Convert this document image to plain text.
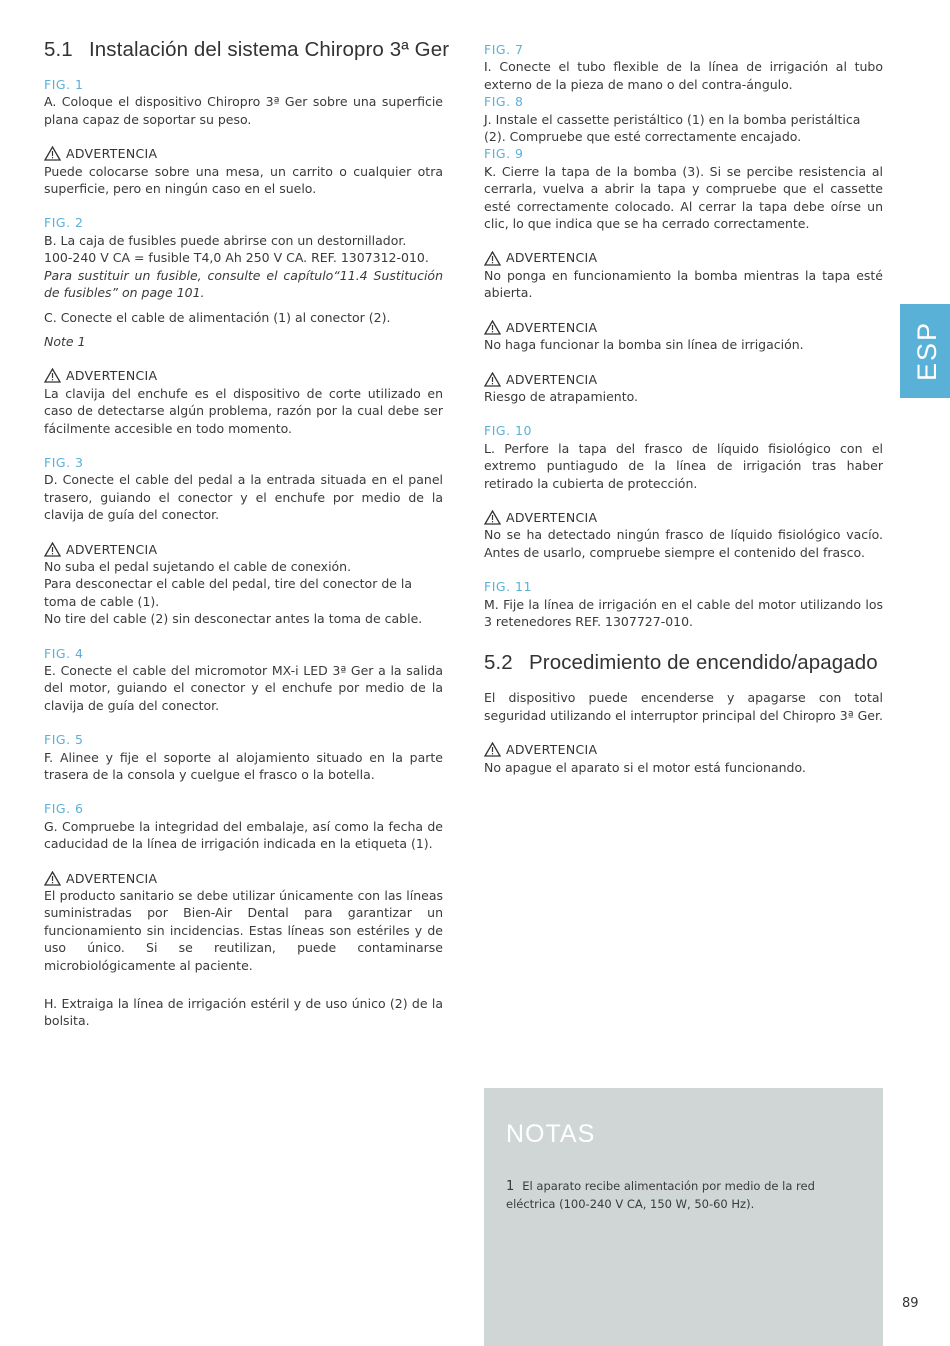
5.1 Instalación del sistema Chiropro 3ª Ger
FIG. 1

A. Coloque el dispositivo Chiropro 3ª Ger sobre una superficie plana capaz de soportar su peso.

ADVERTENCIA

Puede colocarse sobre una mesa, un carrito o cualquier otra superficie, pero en ningún caso en el suelo.

FIG. 2

B. La caja de fusibles puede abrirse con un destornillador.
100-240 V CA = fusible T4,0 Ah 250 V CA. REF. 1307312-010.

Para sustituir un fusible, consulte el capítulo“11.4 Sustitución de fusibles” on page 101.

C. Conecte el cable de alimentación (1) al conector (2).

Note 1

ADVERTENCIA

La clavija del enchufe es el dispositivo de corte utilizado en caso de detectarse algún problema, razón por la cual debe ser fácilmente accesible en todo momento.

FIG. 3

D. Conecte el cable del pedal a la entrada situada en el panel trasero, guiando el conector y el enchufe por medio de la clavija de guía del conector.

ADVERTENCIA

No suba el pedal sujetando el cable de conexión.
Para desconectar el cable del pedal, tire del conector de la toma de cable (1).
No tire del cable (2) sin desconectar antes la toma de cable.

FIG. 4

E. Conecte el cable del micromotor MX-i LED 3ª Ger a la salida del motor, guiando el conector y el enchufe por medio de la clavija de guía del conector.

FIG. 5

F. Alinee y fije el soporte al alojamiento situado en la parte trasera de la consola y cuelgue el frasco o la botella.

FIG. 6

G. Compruebe la integridad del embalaje, así como la fecha de caducidad de la línea de irrigación indicada en la etiqueta (1).

ADVERTENCIA

El producto sanitario se debe utilizar únicamente con las líneas suministradas por Bien-Air Dental para garantizar un funcionamiento sin incidencias. Estas líneas son estériles y de uso único. Si se reutilizan, puede contaminarse microbiológicamente al paciente.

H. Extraiga la línea de irrigación estéril y de uso único (2) de la bolsita.

FIG. 7

I. Conecte el tubo flexible de la línea de irrigación al tubo externo de la pieza de mano o del contra-ángulo.

FIG. 8

J. Instale el cassette peristáltico (1) en la bomba peristáltica (2). Compruebe que esté correctamente encajado.

FIG. 9

K. Cierre la tapa de la bomba (3). Si se percibe resistencia al cerrarla, vuelva a abrir la tapa y compruebe que el cassette esté correctamente colocado. Al cerrar la tapa debe oírse un clic, lo que indica que se ha cerrado correctamente.

ADVERTENCIA

No ponga en funcionamiento la bomba mientras la tapa esté abierta.

ADVERTENCIA

No haga funcionar la bomba sin línea de irrigación.

ADVERTENCIA

Riesgo de atrapamiento.

FIG. 10

L. Perfore la tapa del frasco de líquido fisiológico con el extremo puntiagudo de la línea de irrigación tras haber retirado la cubierta de protección.

ADVERTENCIA

No se ha detectado ningún frasco de líquido fisiológico vacío. Antes de usarlo, compruebe siempre el contenido del frasco.

FIG. 11

M. Fije la línea de irrigación en el cable del motor utilizando los 3 retenedores REF. 1307727-010.

5.2 Procedimiento de encendido/apagado

El dispositivo puede encenderse y apagarse con total seguridad utilizando el interruptor principal del Chiropro 3ª Ger.

ADVERTENCIA

No apague el aparato si el motor está funcionando.

ESP
NOTAS
1 El aparato recibe alimentación por medio de la red eléctrica (100-240 V CA, 150 W, 50-60 Hz).
89
